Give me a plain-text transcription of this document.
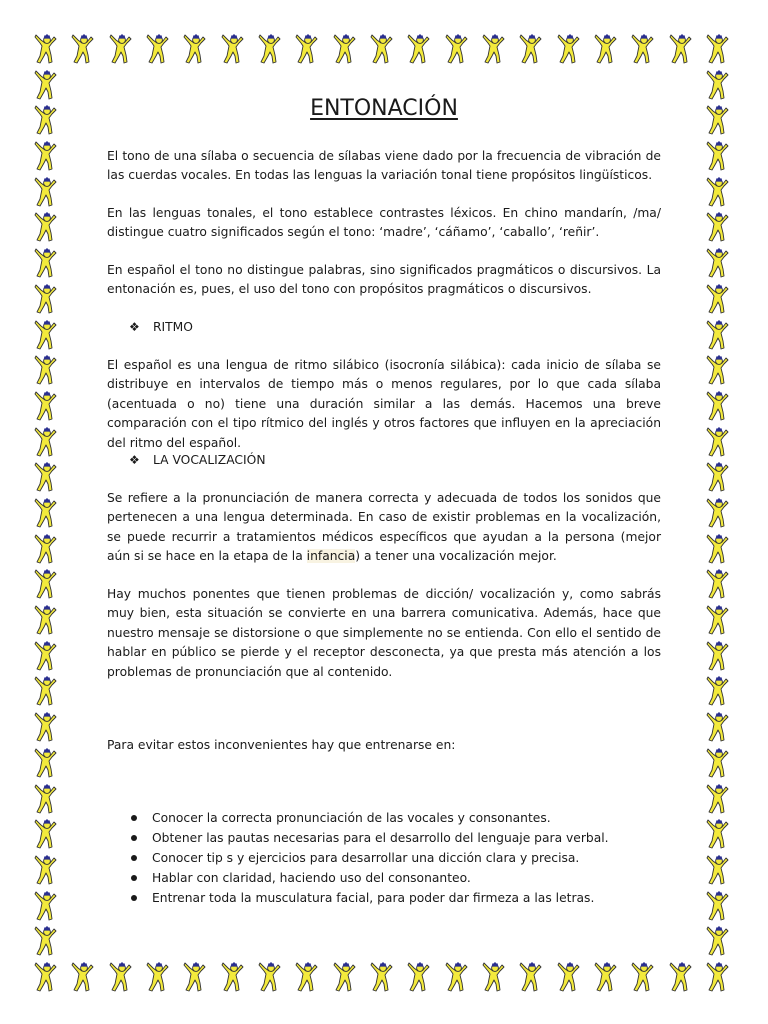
ENTONACIÓN

El tono de una sílaba o secuencia de sílabas viene dado por la frecuencia de vibración de las cuerdas vocales. En todas las lenguas la variación tonal tiene propósitos lingüísticos.

En las lenguas tonales, el tono establece contrastes léxicos. En chino mandarín, /ma/ distingue cuatro significados según el tono: ‘madre’, ‘cáñamo’, ‘caballo’, ‘reñir’.

En español el tono no distingue palabras, sino significados pragmáticos o discursivos. La entonación es, pues, el uso del tono con propósitos pragmáticos o discursivos.

❖ RITMO

El español es una lengua de ritmo silábico (isocronía silábica): cada inicio de sílaba se distribuye en intervalos de tiempo más o menos regulares, por lo que cada sílaba (acentuada o no) tiene una duración similar a las demás. Hacemos una breve comparación con el tipo rítmico del inglés y otros factores que influyen en la apreciación del ritmo del español.

❖ LA VOCALIZACIÓN

Se refiere a la pronunciación de manera correcta y adecuada de todos los sonidos que pertenecen a una lengua determinada. En caso de existir problemas en la vocalización, se puede recurrir a tratamientos médicos específicos que ayudan a la persona (mejor aún si se hace en la etapa de la infancia) a tener una vocalización mejor.

Hay muchos ponentes que tienen problemas de dicción/ vocalización y, como sabrás muy bien, esta situación se convierte en una barrera comunicativa. Además, hace que nuestro mensaje se distorsione o que simplemente no se entienda. Con ello el sentido de hablar en público se pierde y el receptor desconecta, ya que presta más atención a los problemas de pronunciación que al contenido.

Para evitar estos inconvenientes hay que entrenarse en:

Conocer la correcta pronunciación de las vocales y consonantes.
Obtener las pautas necesarias para el desarrollo del lenguaje para verbal.
Conocer tip s y ejercicios para desarrollar una dicción clara y precisa.
Hablar con claridad, haciendo uso del consonanteo.
Entrenar toda la musculatura facial, para poder dar firmeza a las letras.
